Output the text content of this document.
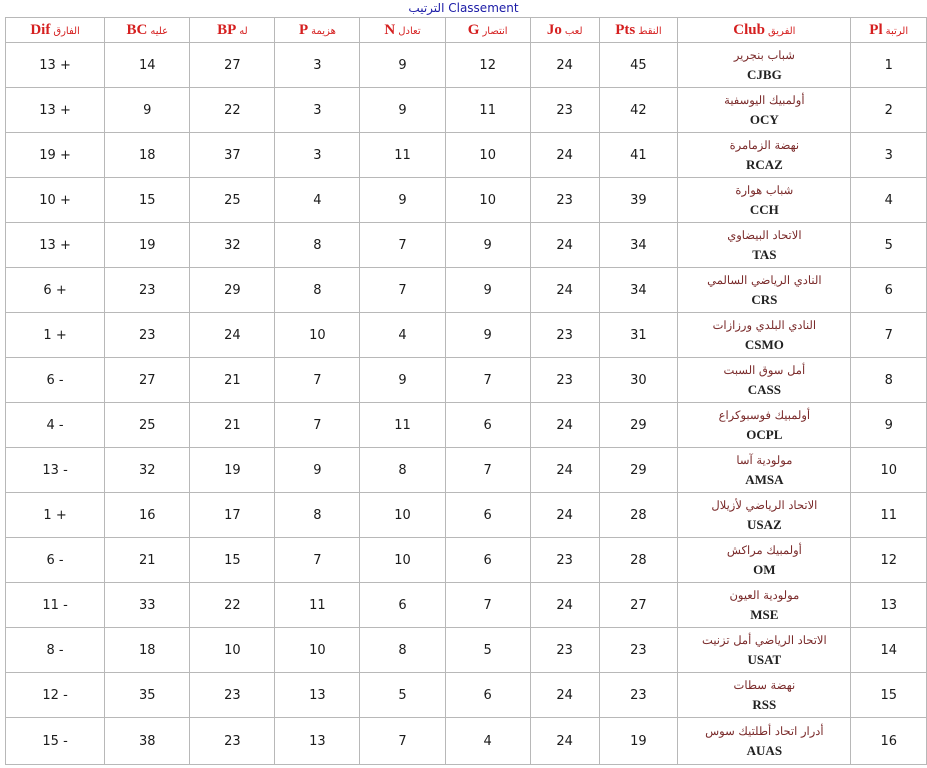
الترتيب Classement
الرتبةPl	الفريقClub	النقطPts	لعبJo	انتصارG	تعادلN	هزيمةP	لهBP	عليهBC	الفارقDif
1	شباب بنجرير
CJBG	45	24	12	9	3	27	14	13 +
2	أولمبيك اليوسفية
OCY	42	23	11	9	3	22	9	13 +
3	نهضة الزمامرة
RCAZ	41	24	10	11	3	37	18	19 +
4	شباب هوارة
CCH	39	23	10	9	4	25	15	10 +
5	الاتحاد البيضاوي
TAS	34	24	9	7	8	32	19	13 +
6	النادي الرياضي السالمي
CRS	34	24	9	7	8	29	23	6 +
7	النادي البلدي ورزازات
CSMO	31	23	9	4	10	24	23	1 +
8	أمل سوق السبت
CASS	30	23	7	9	7	21	27	6 -
9	أولمبيك فوسبوكراع
OCPL	29	24	6	11	7	21	25	4 -
10	مولودية آسا
AMSA	29	24	7	8	9	19	32	13 -
11	الاتحاد الرياضي لأزيلال
USAZ	28	24	6	10	8	17	16	1 +
12	أولمبيك مراكش
OM	28	23	6	10	7	15	21	6 -
13	مولودية العيون
MSE	27	24	7	6	11	22	33	11 -
14	الاتحاد الرياضي أمل تزنيت
USAT	23	23	5	8	10	10	18	8 -
15	نهضة سطات
RSS	23	24	6	5	13	23	35	12 -
16	أدرار اتحاد أطلتيك سوس
AUAS	19	24	4	7	13	23	38	15 -
